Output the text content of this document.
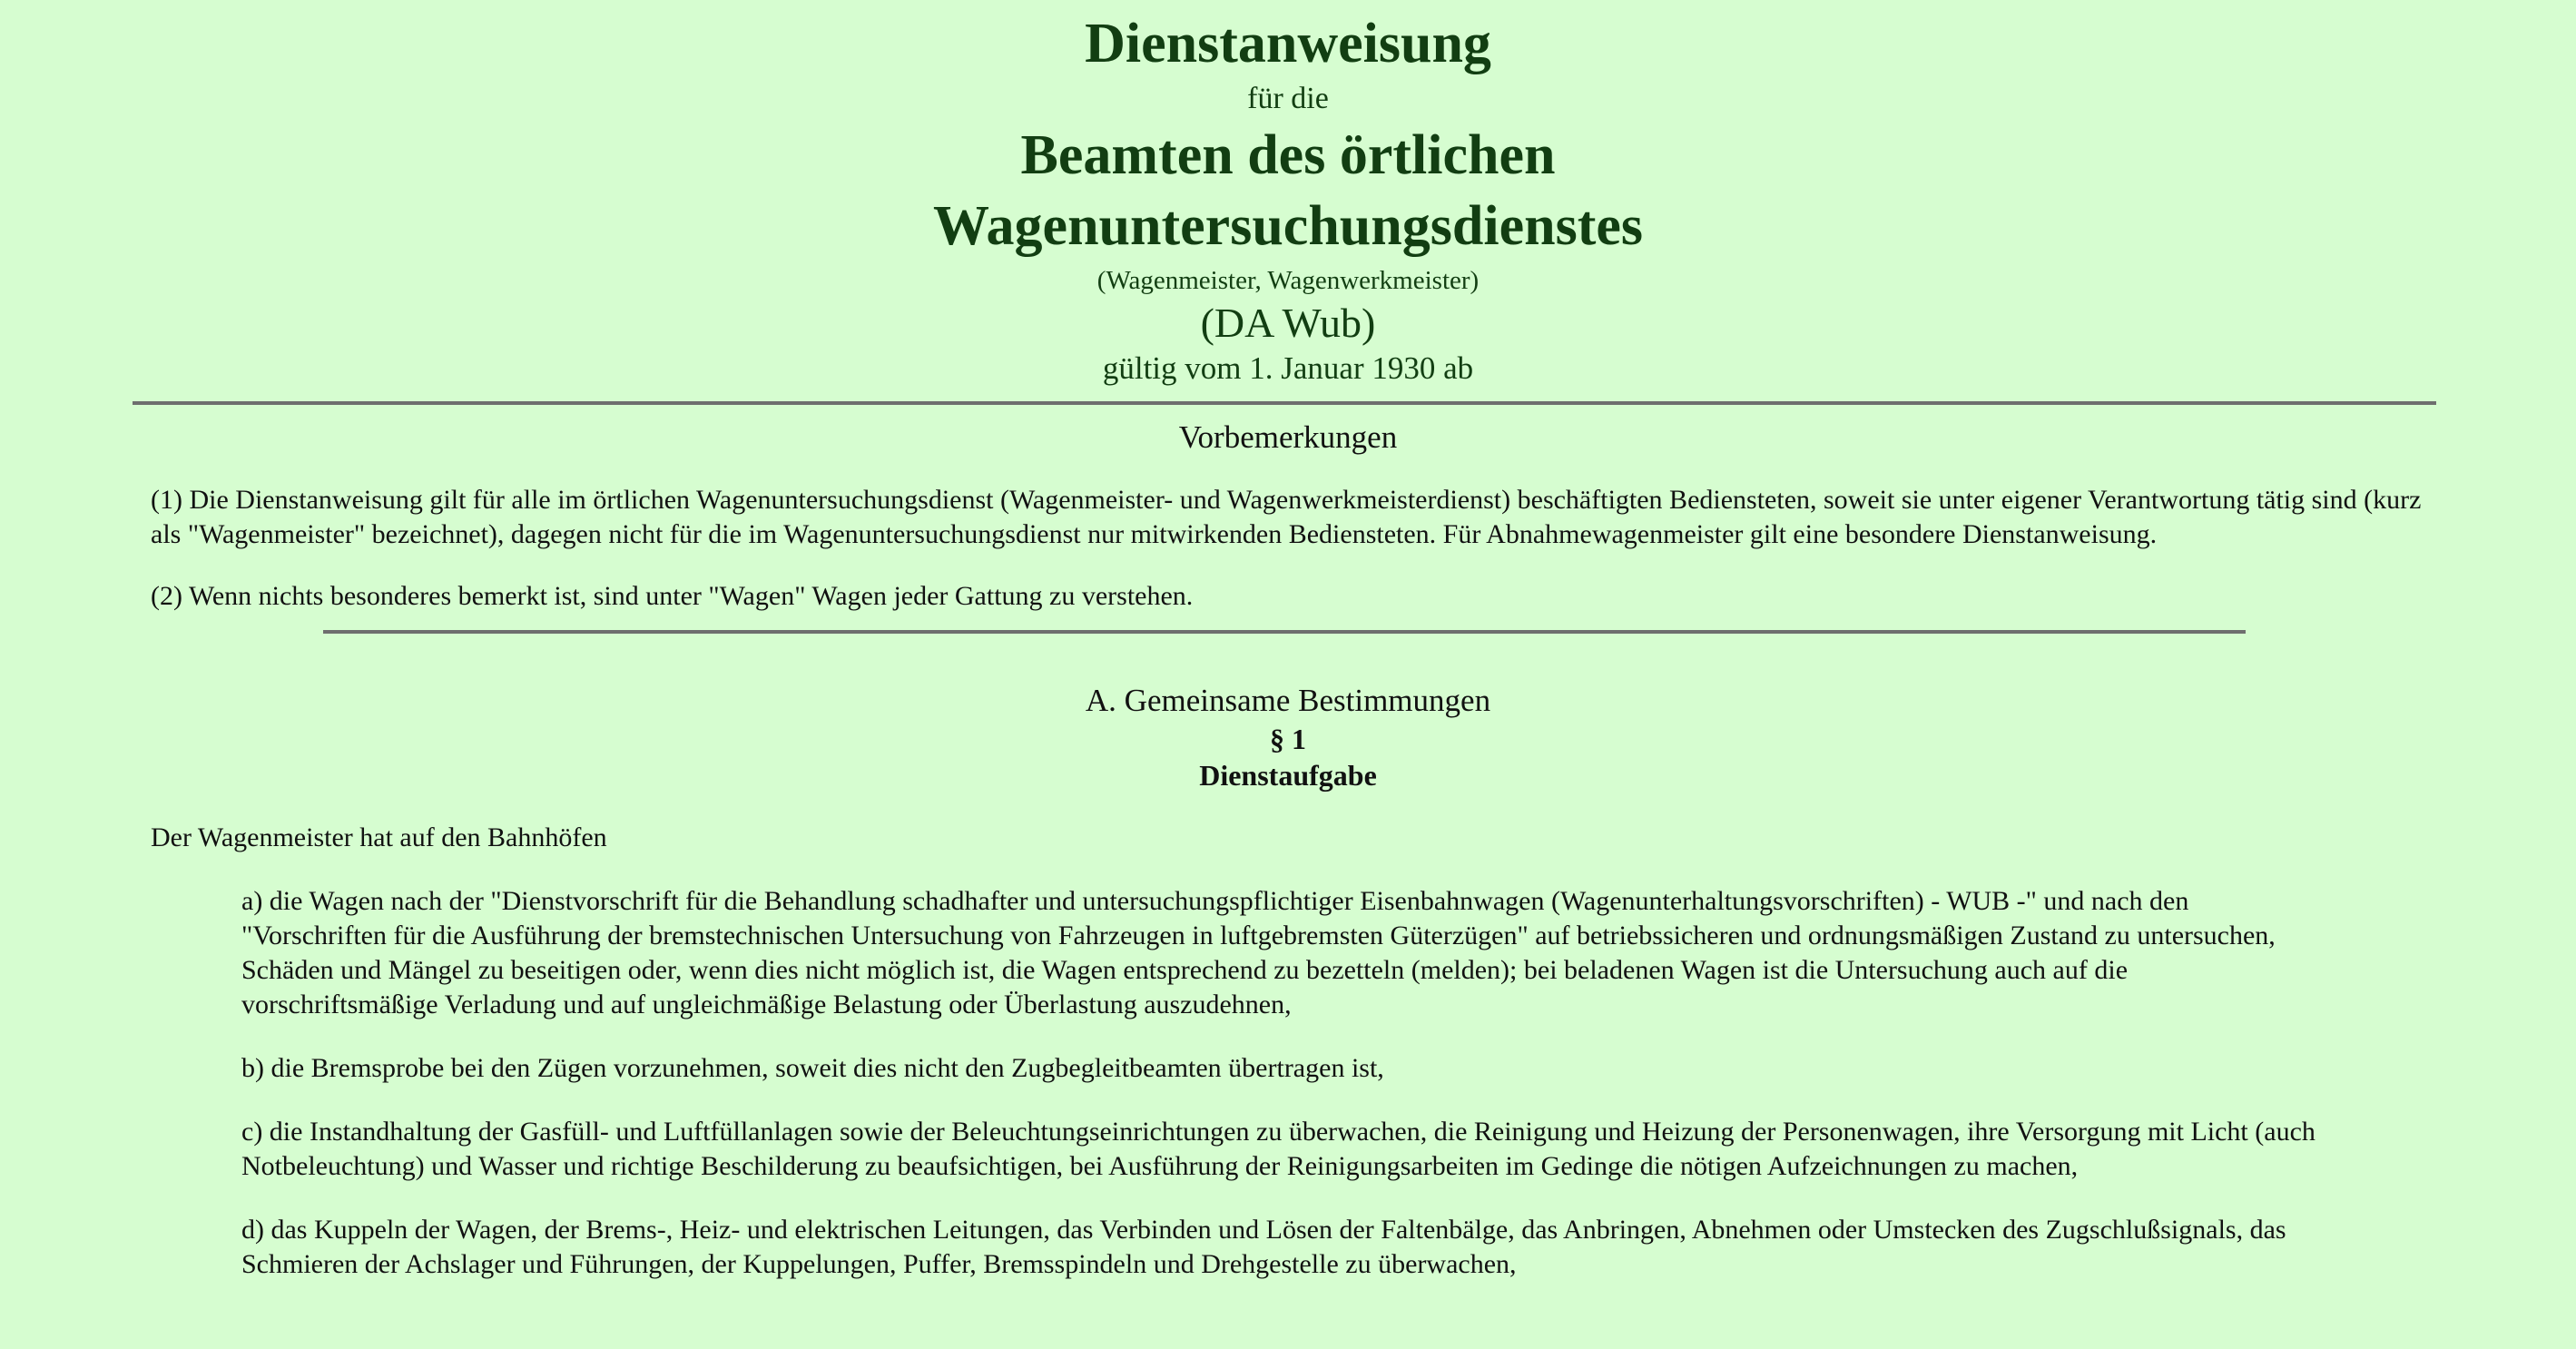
Dienstanweisung
für die
Beamten des örtlichen
Wagenuntersuchungsdienstes
(Wagenmeister, Wagenwerkmeister)
(DA Wub)
gültig vom 1. Januar 1930 ab
Vorbemerkungen

(1) Die Dienstanweisung gilt für alle im örtlichen Wagenuntersuchungsdienst (Wagenmeister- und Wagenwerkmeisterdienst) beschäftigten Bediensteten, soweit sie unter eigener Verantwortung tätig sind (kurz als "Wagenmeister" bezeichnet), dagegen nicht für die im Wagenuntersuchungsdienst nur mitwirkenden Bediensteten. Für Abnahmewagenmeister gilt eine besondere Dienstanweisung.

(2) Wenn nichts besonderes bemerkt ist, sind unter "Wagen" Wagen jeder Gattung zu verstehen.

A. Gemeinsame Bestimmungen
§ 1
Dienstaufgabe

Der Wagenmeister hat auf den Bahnhöfen

a) die Wagen nach der "Dienstvorschrift für die Behandlung schadhafter und untersuchungspflichtiger Eisenbahnwagen (Wagenunterhaltungsvorschriften) - WUB -" und nach den "Vorschriften für die Ausführung der bremstechnischen Untersuchung von Fahrzeugen in luftgebremsten Güterzügen" auf betriebssicheren und ordnungsmäßigen Zustand zu untersuchen, Schäden und Mängel zu beseitigen oder, wenn dies nicht möglich ist, die Wagen entsprechend zu bezetteln (melden); bei beladenen Wagen ist die Untersuchung auch auf die vorschriftsmäßige Verladung und auf ungleichmäßige Belastung oder Überlastung auszudehnen,

b) die Bremsprobe bei den Zügen vorzunehmen, soweit dies nicht den Zugbegleitbeamten übertragen ist,

c) die Instandhaltung der Gasfüll- und Luftfüllanlagen sowie der Beleuchtungseinrichtungen zu überwachen, die Reinigung und Heizung der Personenwagen, ihre Versorgung mit Licht (auch Notbeleuchtung) und Wasser und richtige Beschilderung zu beaufsichtigen, bei Ausführung der Reinigungsarbeiten im Gedinge die nötigen Aufzeichnungen zu machen,

d) das Kuppeln der Wagen, der Brems-, Heiz- und elektrischen Leitungen, das Verbinden und Lösen der Faltenbälge, das Anbringen, Abnehmen oder Umstecken des Zugschlußsignals, das Schmieren der Achslager und Führungen, der Kuppelungen, Puffer, Bremsspindeln und Drehgestelle zu überwachen,
